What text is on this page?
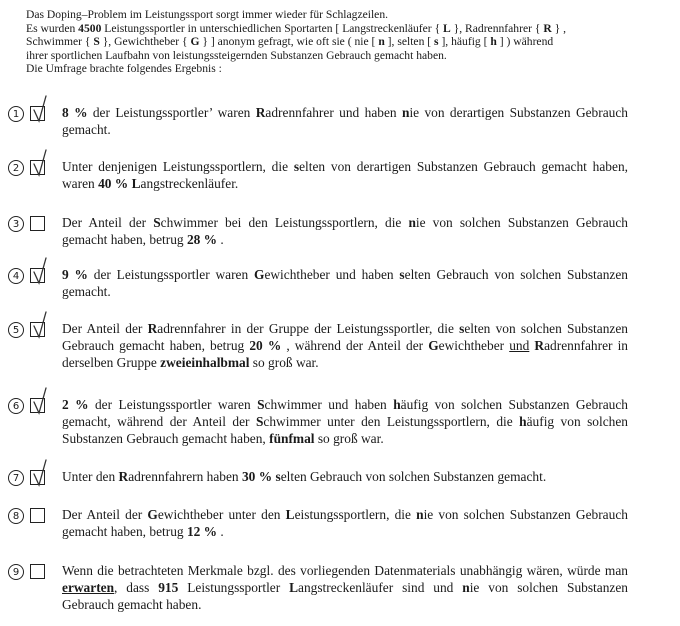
Das Doping–Problem im Leistungssport sorgt immer wieder für Schlagzeilen.

Es wurden 4500 Leistungssportler in unterschiedlichen Sportarten [ Langstreckenläufer { L }, Radrennfahrer { R } ,

Schwimmer { S }, Gewichtheber { G } ] anonym gefragt, wie oft sie ( nie [ n ], selten [ s ], häufig [ h ] ) während

ihrer sportlichen Laufbahn von leistungssteigernden Substanzen Gebrauch gemacht haben.

Die Umfrage brachte folgendes Ergebnis :

1	8 % der Leistungssportler’ waren Radrennfahrer und haben nie von derartigen Substanzen Gebrauch gemacht.
2	Unter denjenigen Leistungssportlern, die selten von derartigen Substanzen Gebrauch gemacht haben, waren 40 % Langstreckenläufer.
3	Der Anteil der Schwimmer bei den Leistungssportlern, die nie von solchen Substanzen Gebrauch gemacht haben, betrug 28 % .
4	9 % der Leistungssportler waren Gewichtheber und haben selten Gebrauch von solchen Substanzen gemacht.
5	Der Anteil der Radrennfahrer in der Gruppe der Leistungssportler, die selten von solchen Substanzen Gebrauch gemacht haben, betrug 20 % , während der Anteil der Gewichtheber und Radrennfahrer in derselben Gruppe zweieinhalbmal so groß war.
6	2 % der Leistungssportler waren Schwimmer und haben häufig von solchen Substanzen Gebrauch gemacht, während der Anteil der Schwimmer unter den Leistungssportlern, die häufig von solchen Substanzen Gebrauch gemacht haben, fünfmal so groß war.
7	Unter den Radrennfahrern haben 30 % selten Gebrauch von solchen Substanzen gemacht.
8	Der Anteil der Gewichtheber unter den Leistungssportlern, die nie von solchen Substanzen Gebrauch gemacht haben, betrug 12 % .
9	Wenn die betrachteten Merkmale bzgl. des vorliegenden Datenmaterials unabhängig wären, würde man erwarten, dass 915 Leistungssportler Langstreckenläufer sind und nie von solchen Substanzen Gebrauch gemacht haben.
